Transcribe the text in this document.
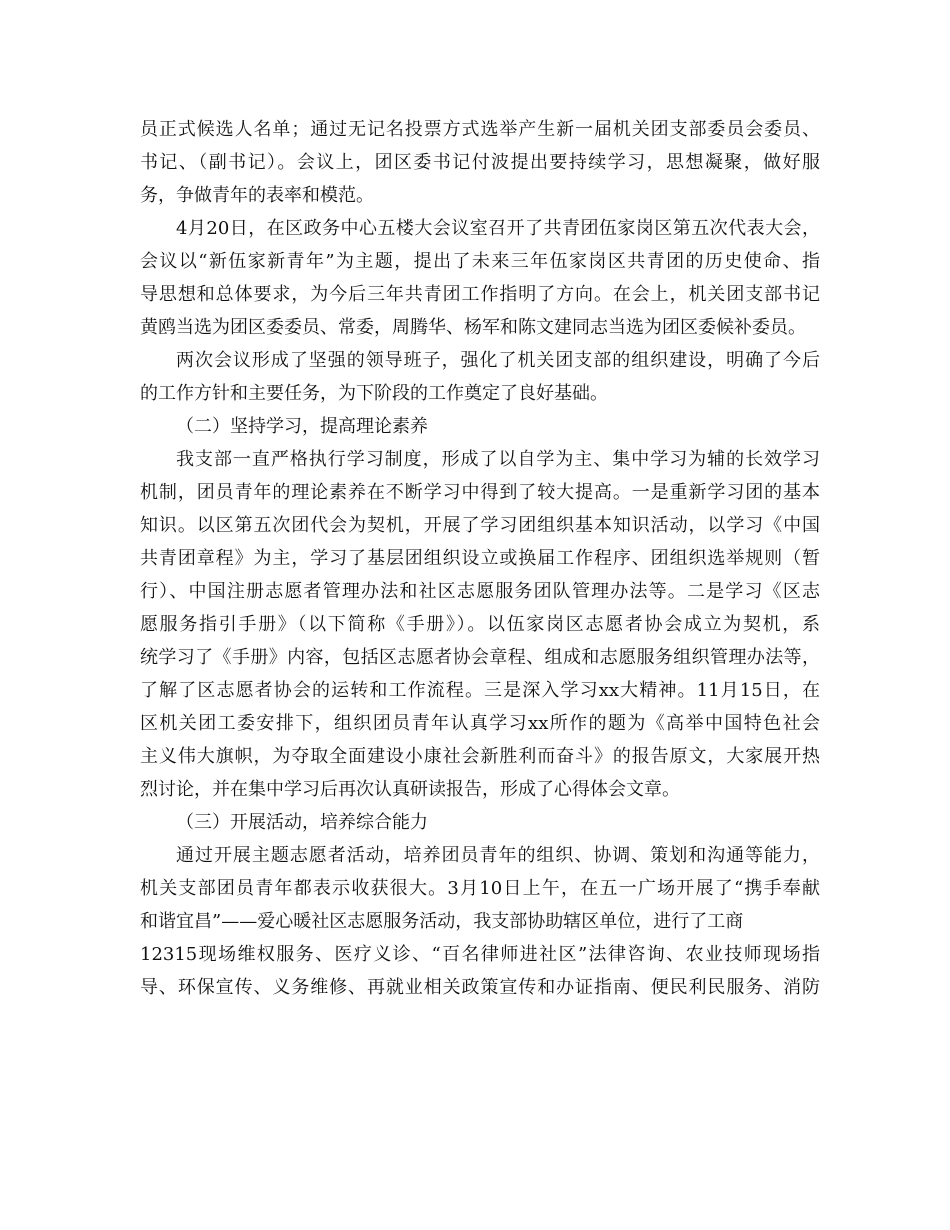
员正式候选人名单；通过无记名投票方式选举产生新一届机关团支部委员会委员、
书记、（副书记）。会议上，团区委书记付波提出要持续学习，思想凝聚，做好服
务，争做青年的表率和模范。
4月20日，在区政务中心五楼大会议室召开了共青团伍家岗区第五次代表大会，
会议以“新伍家新青年”为主题，提出了未来三年伍家岗区共青团的历史使命、指
导思想和总体要求，为今后三年共青团工作指明了方向。在会上，机关团支部书记
黄鸥当选为团区委委员、常委，周腾华、杨军和陈文建同志当选为团区委候补委员。
两次会议形成了坚强的领导班子，强化了机关团支部的组织建设，明确了今后
的工作方针和主要任务，为下阶段的工作奠定了良好基础。
（二）坚持学习，提高理论素养
我支部一直严格执行学习制度，形成了以自学为主、集中学习为辅的长效学习
机制，团员青年的理论素养在不断学习中得到了较大提高。一是重新学习团的基本
知识。以区第五次团代会为契机，开展了学习团组织基本知识活动，以学习《中国
共青团章程》为主，学习了基层团组织设立或换届工作程序、团组织选举规则（暂
行）、中国注册志愿者管理办法和社区志愿服务团队管理办法等。二是学习《区志
愿服务指引手册》（以下简称《手册》）。以伍家岗区志愿者协会成立为契机，系
统学习了《手册》内容，包括区志愿者协会章程、组成和志愿服务组织管理办法等，
了解了区志愿者协会的运转和工作流程。三是深入学习xx大精神。11月15日，在
区机关团工委安排下，组织团员青年认真学习xx所作的题为《高举中国特色社会
主义伟大旗帜，为夺取全面建设小康社会新胜利而奋斗》的报告原文，大家展开热
烈讨论，并在集中学习后再次认真研读报告，形成了心得体会文章。
（三）开展活动，培养综合能力
通过开展主题志愿者活动，培养团员青年的组织、协调、策划和沟通等能力，
机关支部团员青年都表示收获很大。3月10日上午，在五一广场开展了“携手奉献
和谐宜昌”——爱心暖社区志愿服务活动，我支部协助辖区单位，进行了工商
12315现场维权服务、医疗义诊、“百名律师进社区”法律咨询、农业技师现场指
导、环保宣传、义务维修、再就业相关政策宣传和办证指南、便民利民服务、消防
